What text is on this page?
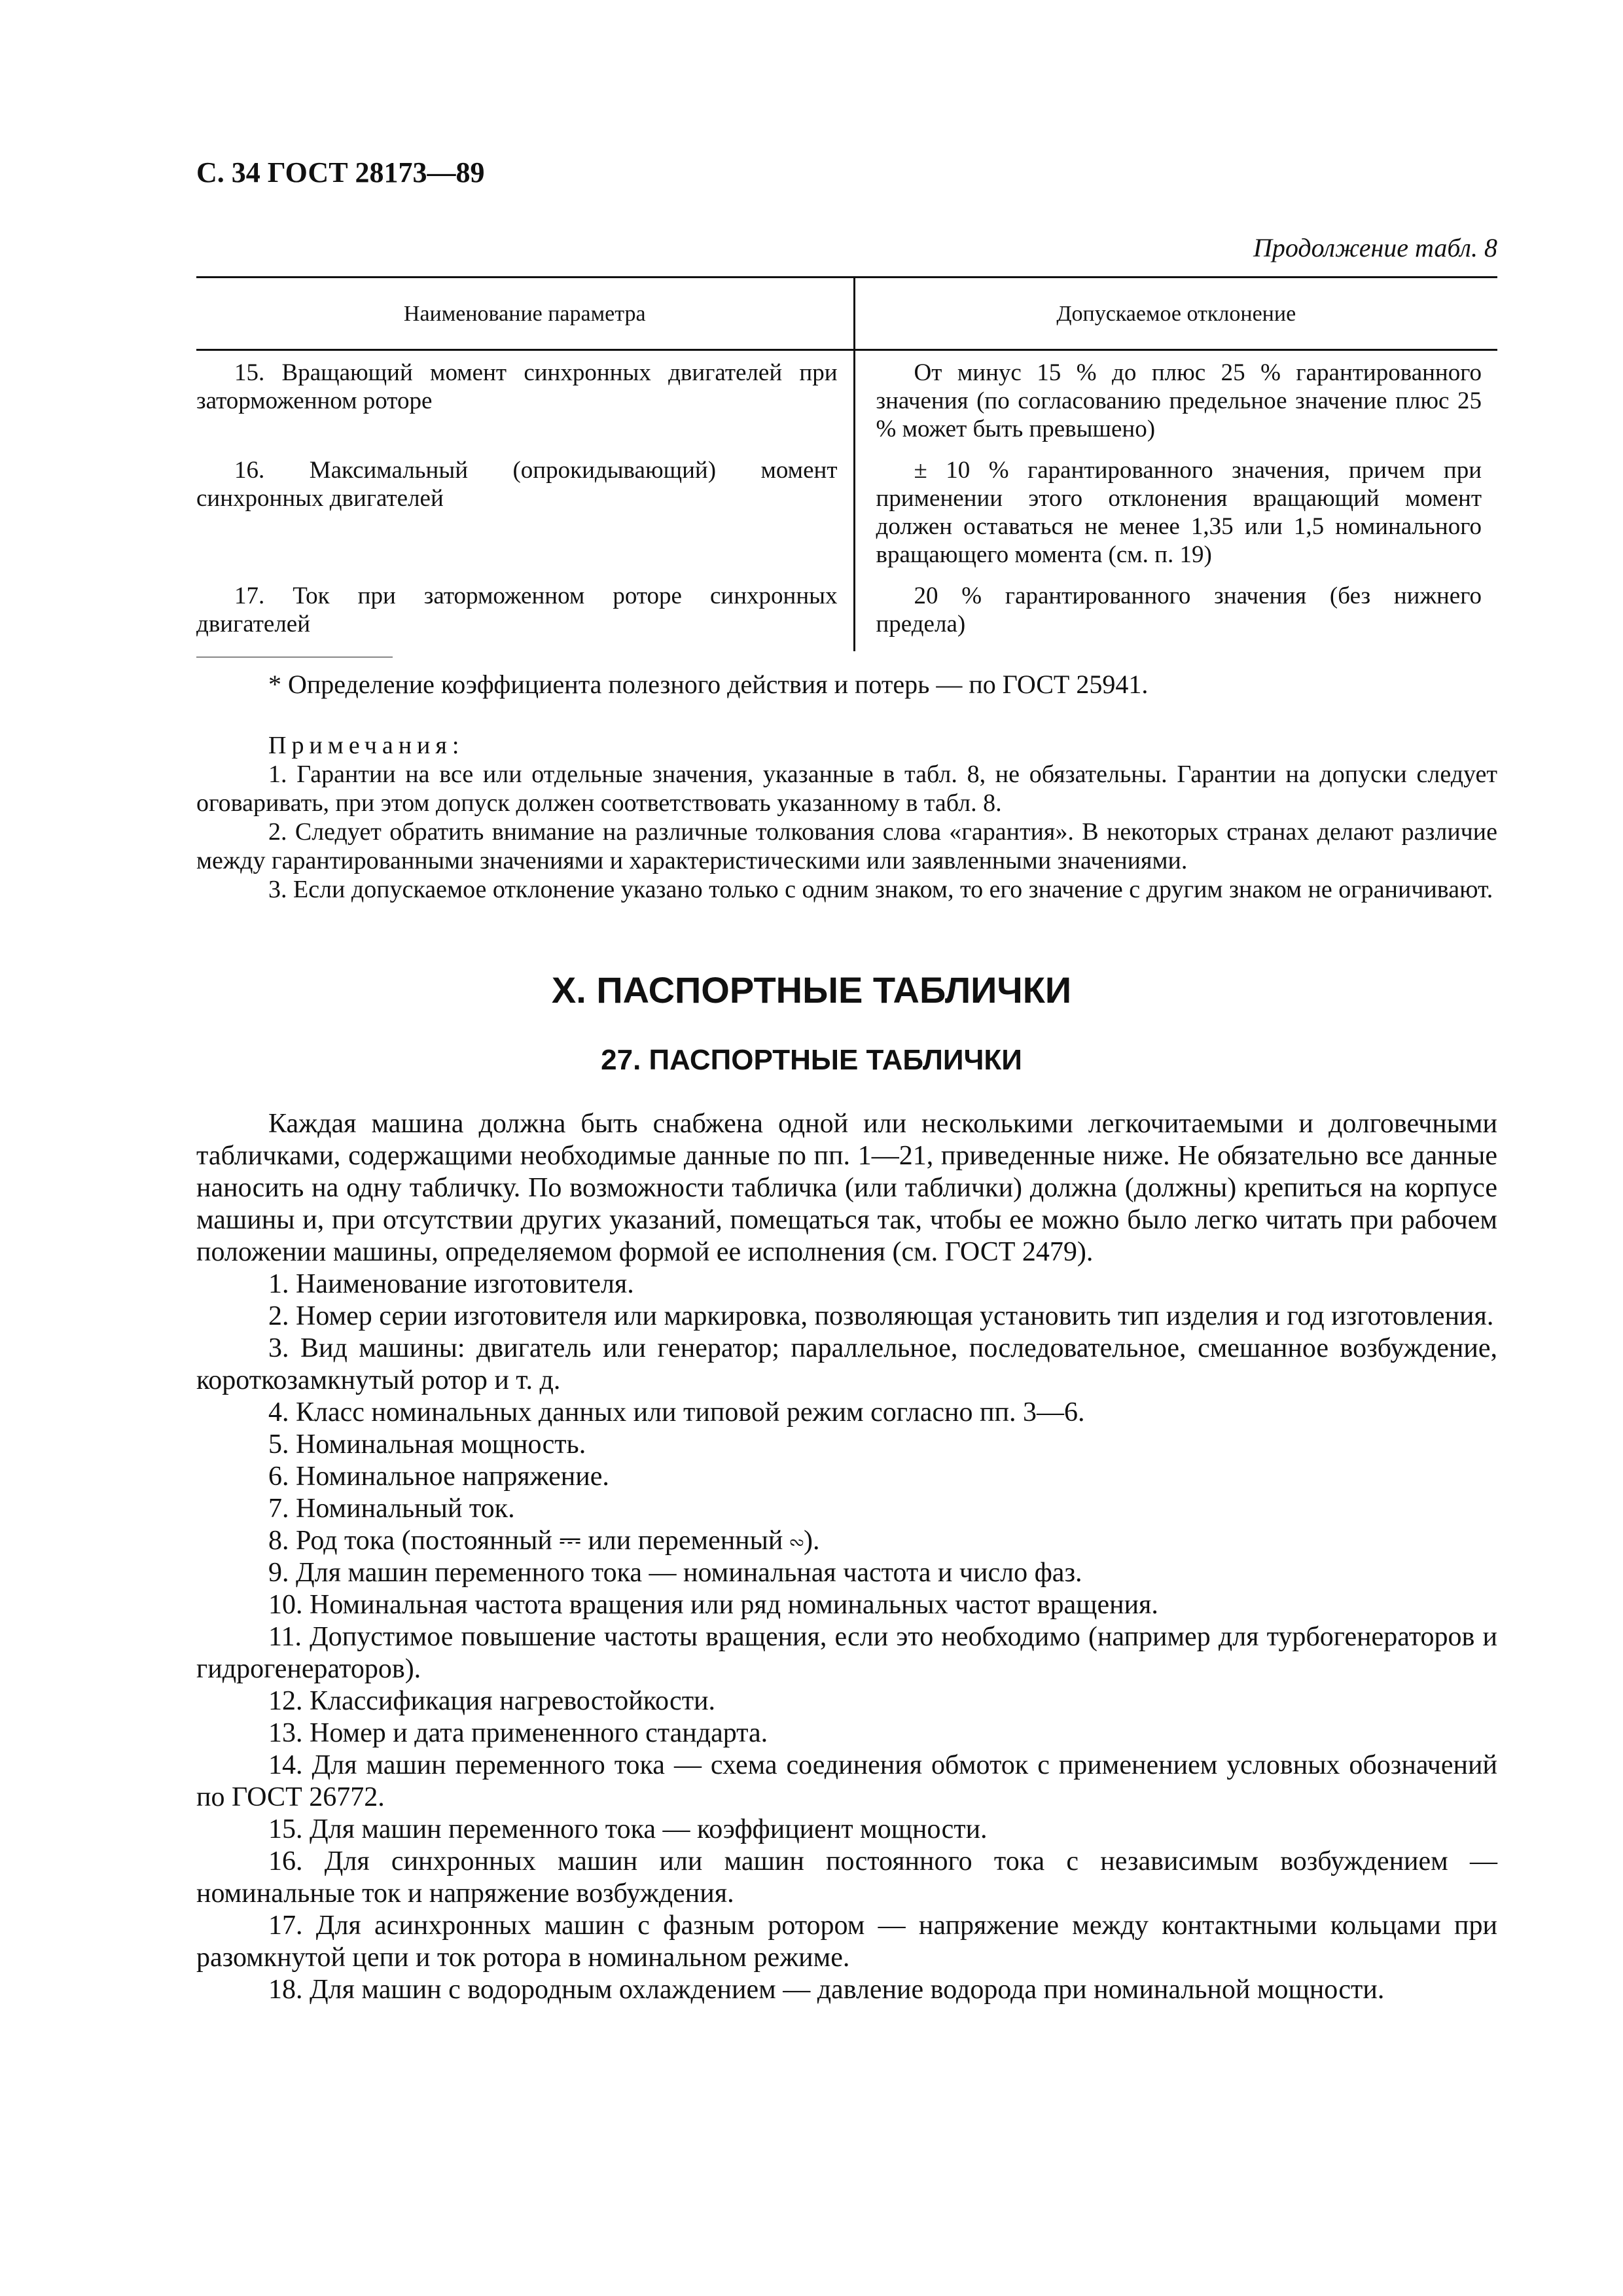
С. 34 ГОСТ 28173—89
Продолжение табл. 8
Наименование параметра	Допускаемое отклонение
15. Вращающий момент синхронных двигателей при заторможенном роторе	От минус 15 % до плюс 25 % гарантированного значения (по согласованию предельное значение плюс 25 % может быть превышено)
16. Максимальный (опрокидывающий) момент синхронных двигателей	± 10 % гарантированного значения, причем при применении этого отклонения вращающий момент должен оставаться не менее 1,35 или 1,5 номинального вращающего момента (см. п. 19)
17. Ток при заторможенном роторе синхронных двигателей	20 % гарантированного значения (без нижнего предела)

* Определение коэффициента полезного действия и потерь — по ГОСТ 25941.

Примечания:

1. Гарантии на все или отдельные значения, указанные в табл. 8, не обязательны. Гарантии на допуски следует оговаривать, при этом допуск должен соответствовать указанному в табл. 8.

2. Следует обратить внимание на различные толкования слова «гарантия». В некоторых странах делают различие между гарантированными значениями и характеристическими или заявленными значениями.

3. Если допускаемое отклонение указано только с одним знаком, то его значение с другим знаком не ограничивают.

X. ПАСПОРТНЫЕ ТАБЛИЧКИ
27. ПАСПОРТНЫЕ ТАБЛИЧКИ

Каждая машина должна быть снабжена одной или несколькими легкочитаемыми и долговечными табличками, содержащими необходимые данные по пп. 1—21, приведенные ниже. Не обязательно все данные наносить на одну табличку. По возможности табличка (или таблички) должна (должны) крепиться на корпусе машины и, при отсутствии других указаний, помещаться так, чтобы ее можно было легко читать при рабочем положении машины, определяемом формой ее исполнения (см. ГОСТ 2479).

1. Наименование изготовителя.

2. Номер серии изготовителя или маркировка, позволяющая установить тип изделия и год изготовления.

3. Вид машины: двигатель или генератор; параллельное, последовательное, смешанное возбуждение, короткозамкнутый ротор и т. д.

4. Класс номинальных данных или типовой режим согласно пп. 3—6.

5. Номинальная мощность.

6. Номинальное напряжение.

7. Номинальный ток.

8. Род тока (постоянный ⎓ или переменный ∾).

9. Для машин переменного тока — номинальная частота и число фаз.

10. Номинальная частота вращения или ряд номинальных частот вращения.

11. Допустимое повышение частоты вращения, если это необходимо (например для турбогенераторов и гидрогенераторов).

12. Классификация нагревостойкости.

13. Номер и дата примененного стандарта.

14. Для машин переменного тока — схема соединения обмоток с применением условных обозначений по ГОСТ 26772.

15. Для машин переменного тока — коэффициент мощности.

16. Для синхронных машин или машин постоянного тока с независимым возбуждением — номинальные ток и напряжение возбуждения.

17. Для асинхронных машин с фазным ротором — напряжение между контактными кольцами при разомкнутой цепи и ток ротора в номинальном режиме.

18. Для машин с водородным охлаждением — давление водорода при номинальной мощности.
